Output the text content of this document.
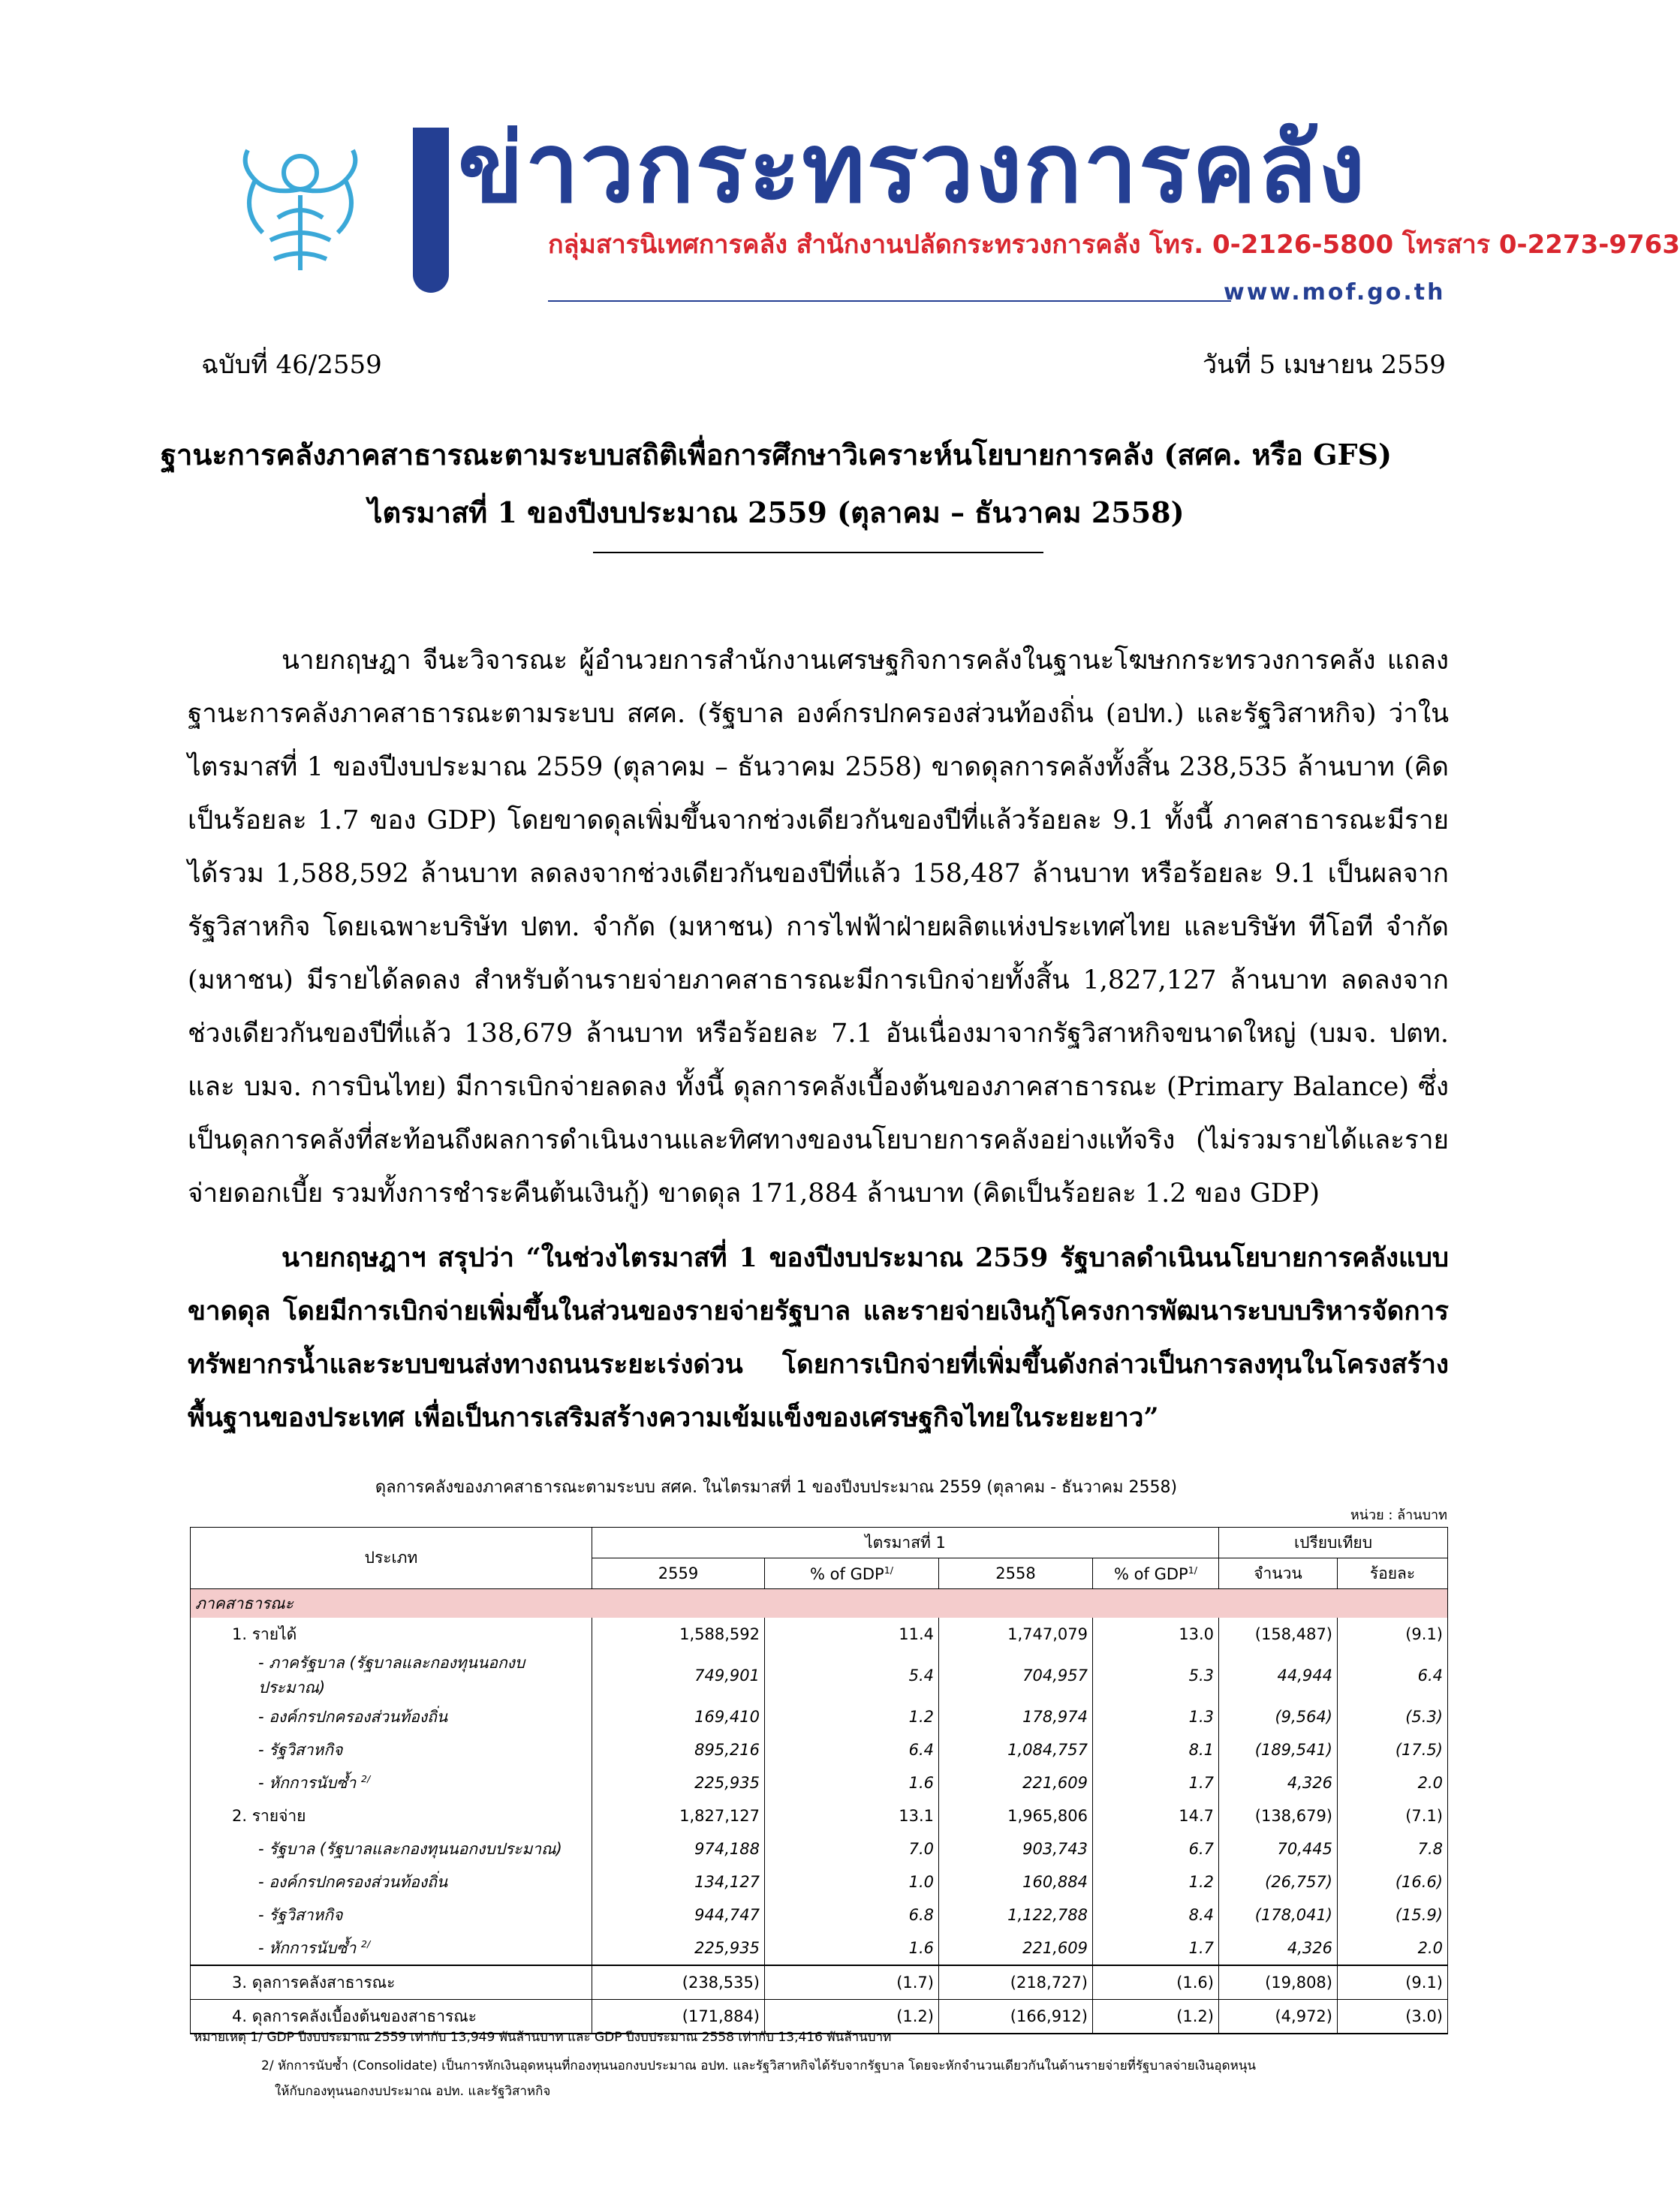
ข่าวกระทรวงการคลัง
กลุ่มสารนิเทศการคลัง สำนักงานปลัดกระทรวงการคลัง โทร. 0-2126-5800 โทรสาร 0-2273-9763
www.mof.go.th
ฉบับที่ 46/2559	วันที่ 5 เมษายน 2559
ฐานะการคลังภาคสาธารณะตามระบบสถิติเพื่อการศึกษาวิเคราะห์นโยบายการคลัง (สศค. หรือ GFS)
ไตรมาสที่ 1 ของปีงบประมาณ 2559 (ตุลาคม – ธันวาคม 2558)
นายกฤษฎา จีนะวิจารณะ ผู้อำนวยการสำนักงานเศรษฐกิจการคลังในฐานะโฆษกกระทรวงการคลัง แถลงฐานะการคลังภาคสาธารณะตามระบบ สศค. (รัฐบาล องค์กรปกครองส่วนท้องถิ่น (อปท.) และรัฐวิสาหกิจ) ว่าในไตรมาสที่ 1 ของปีงบประมาณ 2559 (ตุลาคม – ธันวาคม 2558) ขาดดุลการคลังทั้งสิ้น 238,535 ล้านบาท (คิดเป็นร้อยละ 1.7 ของ GDP) โดยขาดดุลเพิ่มขึ้นจากช่วงเดียวกันของปีที่แล้วร้อยละ 9.1 ทั้งนี้ ภาคสาธารณะมีรายได้รวม 1,588,592 ล้านบาท ลดลงจากช่วงเดียวกันของปีที่แล้ว 158,487 ล้านบาท หรือร้อยละ 9.1 เป็นผลจากรัฐวิสาหกิจ โดยเฉพาะบริษัท ปตท. จำกัด (มหาชน) การไฟฟ้าฝ่ายผลิตแห่งประเทศไทย และบริษัท ทีโอที จำกัด (มหาชน) มีรายได้ลดลง สำหรับด้านรายจ่ายภาคสาธารณะมีการเบิกจ่ายทั้งสิ้น 1,827,127 ล้านบาท ลดลงจากช่วงเดียวกันของปีที่แล้ว 138,679 ล้านบาท หรือร้อยละ 7.1 อันเนื่องมาจากรัฐวิสาหกิจขนาดใหญ่ (บมจ. ปตท. และ บมจ. การบินไทย) มีการเบิกจ่ายลดลง ทั้งนี้ ดุลการคลังเบื้องต้นของภาคสาธารณะ (Primary Balance) ซึ่งเป็นดุลการคลังที่สะท้อนถึงผลการดำเนินงานและทิศทางของนโยบายการคลังอย่างแท้จริง (ไม่รวมรายได้และรายจ่ายดอกเบี้ย รวมทั้งการชำระคืนต้นเงินกู้) ขาดดุล 171,884 ล้านบาท (คิดเป็นร้อยละ 1.2 ของ GDP)
นายกฤษฎาฯ สรุปว่า “ในช่วงไตรมาสที่ 1 ของปีงบประมาณ 2559 รัฐบาลดำเนินนโยบายการคลังแบบขาดดุล โดยมีการเบิกจ่ายเพิ่มขึ้นในส่วนของรายจ่ายรัฐบาล และรายจ่ายเงินกู้โครงการพัฒนาระบบบริหารจัดการทรัพยากรน้ำและระบบขนส่งทางถนนระยะเร่งด่วน โดยการเบิกจ่ายที่เพิ่มขึ้นดังกล่าวเป็นการลงทุนในโครงสร้างพื้นฐานของประเทศ เพื่อเป็นการเสริมสร้างความเข้มแข็งของเศรษฐกิจไทยในระยะยาว”
ดุลการคลังของภาคสาธารณะตามระบบ สศค. ในไตรมาสที่ 1 ของปีงบประมาณ 2559 (ตุลาคม - ธันวาคม 2558)
หน่วย : ล้านบาท
ประเภท	ไตรมาสที่ 1				เปรียบเทียบ	
	2559	% of $GDP^{1/}$	2558	% of $GDP^{1/}$	จำนวน	ร้อยละ
ภาคสาธารณะ						
1. รายได้	1,588,592	11.4	1,747,079	13.0	(158,487)	(9.1)
- ภาครัฐบาล (รัฐบาลและกองทุนนอกงบประมาณ)	749,901	5.4	704,957	5.3	44,944	6.4
- องค์กรปกครองส่วนท้องถิ่น	169,410	1.2	178,974	1.3	(9,564)	(5.3)
- รัฐวิสาหกิจ	895,216	6.4	1,084,757	8.1	(189,541)	(17.5)
- หักการนับซ้ำ $^{2/}$	225,935	1.6	221,609	1.7	4,326	2.0
2. รายจ่าย	1,827,127	13.1	1,965,806	14.7	(138,679)	(7.1)
- รัฐบาล (รัฐบาลและกองทุนนอกงบประมาณ)	974,188	7.0	903,743	6.7	70,445	7.8
- องค์กรปกครองส่วนท้องถิ่น	134,127	1.0	160,884	1.2	(26,757)	(16.6)
- รัฐวิสาหกิจ	944,747	6.8	1,122,788	8.4	(178,041)	(15.9)
- หักการนับซ้ำ $^{2/}$	225,935	1.6	221,609	1.7	4,326	2.0
3. ดุลการคลังสาธารณะ	(238,535)	(1.7)	(218,727)	(1.6)	(19,808)	(9.1)
4. ดุลการคลังเบื้องต้นของสาธารณะ	(171,884)	(1.2)	(166,912)	(1.2)	(4,972)	(3.0)
หมายเหตุ 1/ GDP ปีงบประมาณ 2559 เท่ากับ 13,949 พันล้านบาท และ GDP ปีงบประมาณ 2558 เท่ากับ 13,416 พันล้านบาท
2/ หักการนับซ้ำ (Consolidate) เป็นการหักเงินอุดหนุนที่กองทุนนอกงบประมาณ อปท. และรัฐวิสาหกิจได้รับจากรัฐบาล โดยจะหักจำนวนเดียวกันในด้านรายจ่ายที่รัฐบาลจ่ายเงินอุดหนุน
ให้กับกองทุนนอกงบประมาณ อปท. และรัฐวิสาหกิจ
